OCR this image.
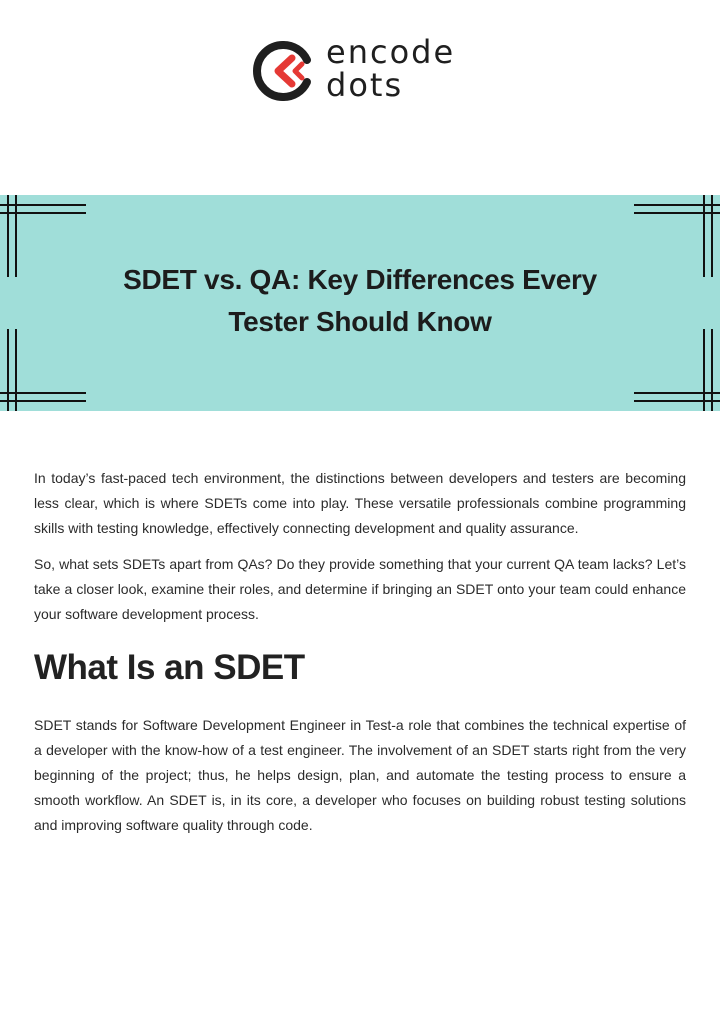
encode
dots
SDET vs. QA: Key Differences Every Tester Should Know

In today’s fast-paced tech environment, the distinctions between developers and testers are becoming less clear, which is where SDETs come into play. These versatile professionals combine programming skills with testing knowledge, effectively connecting development and quality assurance.

So, what sets SDETs apart from QAs? Do they provide something that your current QA team lacks? Let’s take a closer look, examine their roles, and determine if bringing an SDET onto your team could enhance your software development process.

What Is an SDET

SDET stands for Software Development Engineer in Test-a role that combines the technical expertise of a developer with the know-how of a test engineer. The involvement of an SDET starts right from the very beginning of the project; thus, he helps design, plan, and automate the testing process to ensure a smooth workflow. An SDET is, in its core, a developer who focuses on building robust testing solutions and improving software quality through code.
